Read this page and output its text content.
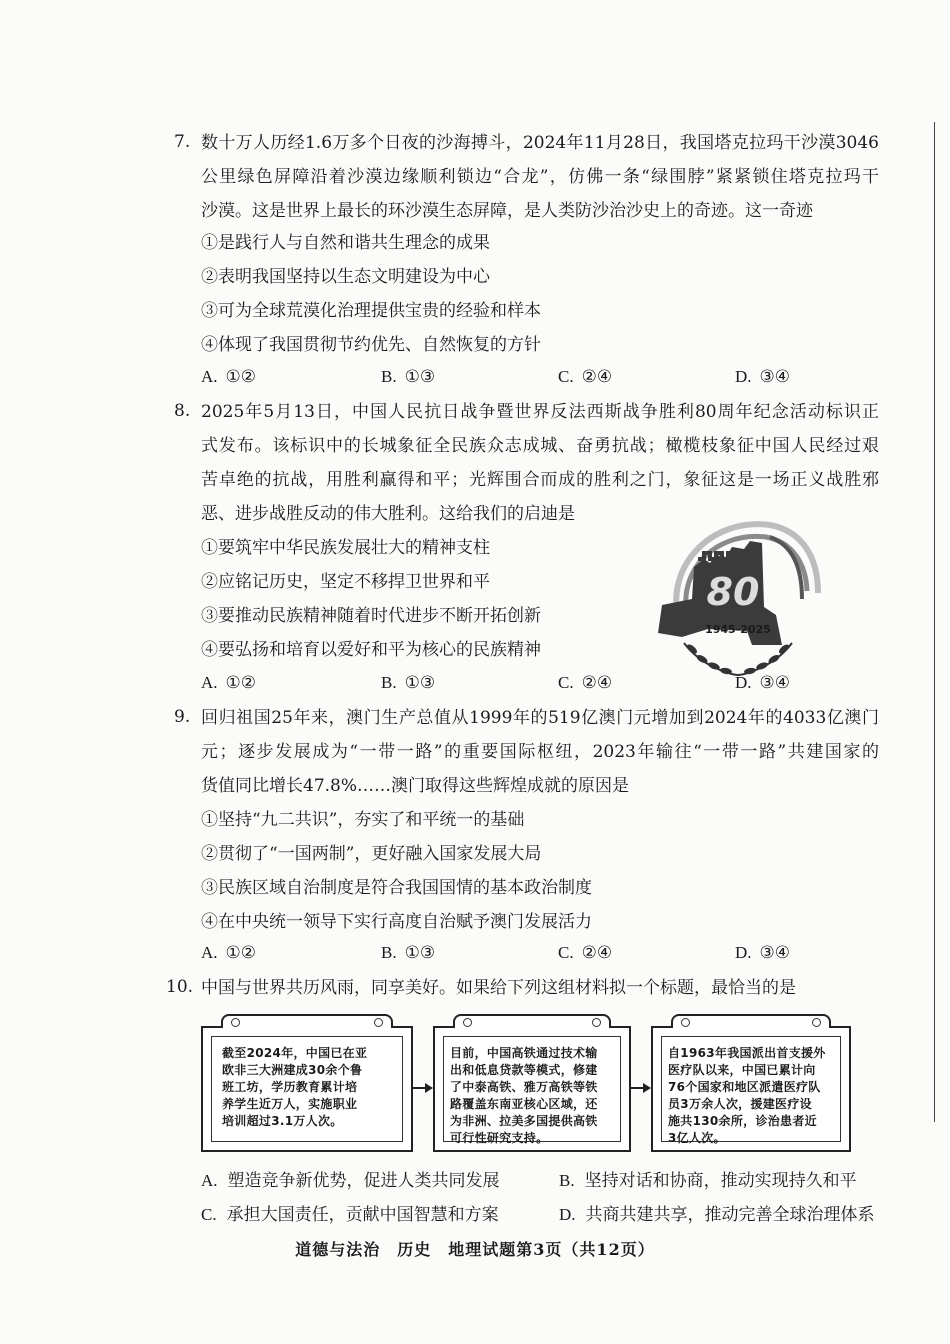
7. 数十万人历经1.6万多个日夜的沙海搏斗，2024年11月28日，我国塔克拉玛干沙漠3046
公里绿色屏障沿着沙漠边缘顺利锁边“合龙”，仿佛一条“绿围脖”紧紧锁住塔克拉玛干
沙漠。这是世界上最长的环沙漠生态屏障，是人类防沙治沙史上的奇迹。这一奇迹
①是践行人与自然和谐共生理念的成果
②表明我国坚持以生态文明建设为中心
③可为全球荒漠化治理提供宝贵的经验和样本
④体现了我国贯彻节约优先、自然恢复的方针
A. ①②	B. ①③	C. ②④	D. ③④
8. 2025年5月13日，中国人民抗日战争暨世界反法西斯战争胜利80周年纪念活动标识正
式发布。该标识中的长城象征全民族众志成城、奋勇抗战；橄榄枝象征中国人民经过艰
苦卓绝的抗战，用胜利赢得和平；光辉围合而成的胜利之门，象征这是一场正义战胜邪
恶、进步战胜反动的伟大胜利。这给我们的启迪是
①要筑牢中华民族发展壮大的精神支柱
②应铭记历史，坚定不移捍卫世界和平
③要推动民族精神随着时代进步不断开拓创新
④要弘扬和培育以爱好和平为核心的民族精神
80
1945-2025
A. ①②	B. ①③	C. ②④	D. ③④
9. 回归祖国25年来，澳门生产总值从1999年的519亿澳门元增加到2024年的4033亿澳门
元；逐步发展成为“一带一路”的重要国际枢纽，2023年输往“一带一路”共建国家的
货值同比增长47.8%……澳门取得这些辉煌成就的原因是
①坚持“九二共识”，夯实了和平统一的基础
②贯彻了“一国两制”，更好融入国家发展大局
③民族区域自治制度是符合我国国情的基本政治制度
④在中央统一领导下实行高度自治赋予澳门发展活力
A. ①②	B. ①③	C. ②④	D. ③④
10. 中国与世界共历风雨，同享美好。如果给下列这组材料拟一个标题，最恰当的是
截至2024年，中国已在亚
欧非三大洲建成30余个鲁
班工坊，学历教育累计培
养学生近万人，实施职业
培训超过3.1万人次。
目前，中国高铁通过技术输
出和低息贷款等模式，修建
了中泰高铁、雅万高铁等铁
路覆盖东南亚核心区域，还
为非洲、拉美多国提供高铁
可行性研究支持。
自1963年我国派出首支援外
医疗队以来，中国已累计向
76个国家和地区派遣医疗队
员3万余人次，援建医疗设
施共130余所，诊治患者近
3亿人次。
A. 塑造竞争新优势，促进人类共同发展	B. 坚持对话和协商，推动实现持久和平
C. 承担大国责任，贡献中国智慧和方案	D. 共商共建共享，推动完善全球治理体系
道德与法治　历史　地理试题第3页（共12页）
